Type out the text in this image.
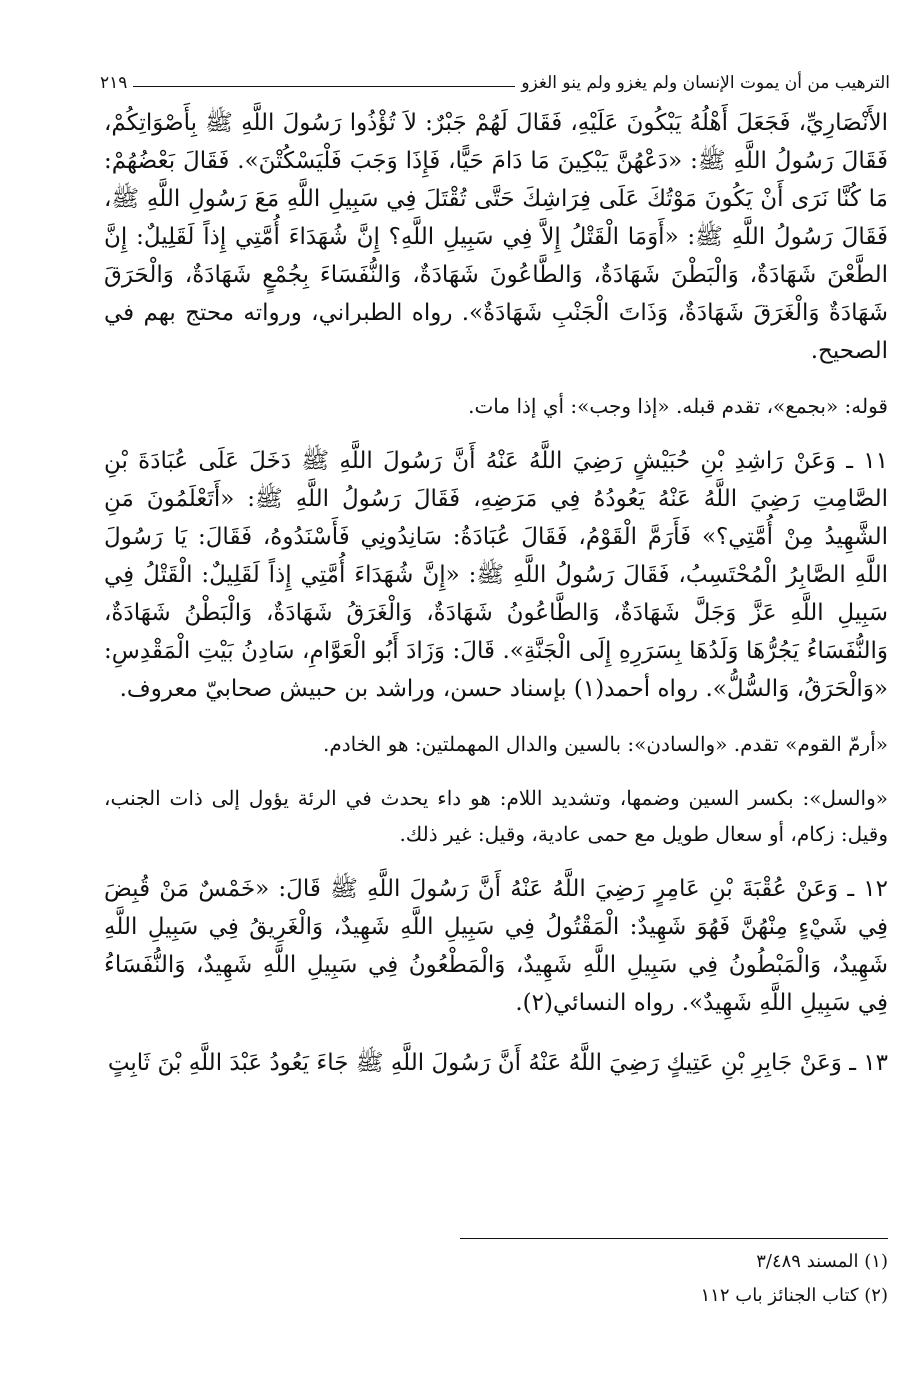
الترهيب من أن يموت الإنسان ولم يغزو ولم ينو الغزو
٢١٩

الأَنْصَارِيِّ، فَجَعَلَ أَهْلُهُ يَبْكُونَ عَلَيْهِ، فَقَالَ لَهُمْ جَبْرٌ: لاَ تُؤْذُوا رَسُولَ اللَّهِ ﷺ بِأَصْوَاتِكُمْ، فَقَالَ رَسُولُ اللَّهِ ﷺ: «دَعْهُنَّ يَبْكِينَ مَا دَامَ حَيًّا، فَإِذَا وَجَبَ فَلْيَسْكُتْنَ». فَقَالَ بَعْضُهُمْ: مَا كُنَّا نَرَى أَنْ يَكُونَ مَوْتُكَ عَلَى فِرَاشِكَ حَتَّى تُقْتَلَ فِي سَبِيلِ اللَّهِ مَعَ رَسُولِ اللَّهِ ﷺ، فَقَالَ رَسُولُ اللَّهِ ﷺ: «أَوَمَا الْقَتْلُ إِلاَّ فِي سَبِيلِ اللَّهِ؟ إِنَّ شُهَدَاءَ أُمَّتِي إِذاً لَقَلِيلٌ: إِنَّ الطَّعْنَ شَهَادَةٌ، وَالْبَطْنَ شَهَادَةٌ، وَالطَّاعُونَ شَهَادَةٌ، وَالنُّفَسَاءَ بِجُمْعٍ شَهَادَةٌ، وَالْحَرَقَ شَهَادَةٌ وَالْغَرَقَ شَهَادَةٌ، وَذَاتَ الْجَنْبِ شَهَادَةٌ». رواه الطبراني، ورواته محتج بهم في الصحيح.

قوله: «بجمع»، تقدم قبله. «إذا وجب»: أي إذا مات.

١١ ـ وَعَنْ رَاشِدِ بْنِ حُبَيْشٍ رَضِيَ اللَّهُ عَنْهُ أَنَّ رَسُولَ اللَّهِ ﷺ دَخَلَ عَلَى عُبَادَةَ بْنِ الصَّامِتِ رَضِيَ اللَّهُ عَنْهُ يَعُودُهُ فِي مَرَضِهِ، فَقَالَ رَسُولُ اللَّهِ ﷺ: «أَتَعْلَمُونَ مَنِ الشَّهِيدُ مِنْ أُمَّتِي؟» فَأَرَمَّ الْقَوْمُ، فَقَالَ عُبَادَةُ: سَانِدُونِي فَأَسْنَدُوهُ، فَقَالَ: يَا رَسُولَ اللَّهِ الصَّابِرُ الْمُحْتَسِبُ، فَقَالَ رَسُولُ اللَّهِ ﷺ: «إِنَّ شُهَدَاءَ أُمَّتِي إِذاً لَقَلِيلٌ: الْقَتْلُ فِي سَبِيلِ اللَّهِ عَزَّ وَجَلَّ شَهَادَةٌ، وَالطَّاعُونُ شَهَادَةٌ، وَالْغَرَقُ شَهَادَةٌ، وَالْبَطْنُ شَهَادَةٌ، وَالنُّفَسَاءُ يَجُرُّهَا وَلَدُهَا بِسَرَرِهِ إِلَى الْجَنَّةِ». قَالَ: وَزَادَ أَبُو الْعَوَّامِ، سَادِنُ بَيْتِ الْمَقْدِسِ: «وَالْحَرَقُ، وَالسُّلُّ». رواه أحمد(١) بإسناد حسن، وراشد بن حبيش صحابيّ معروف.

«أرمّ القوم» تقدم. «والسادن»: بالسين والدال المهملتين: هو الخادم.

«والسل»: بكسر السين وضمها، وتشديد اللام: هو داء يحدث في الرئة يؤول إلى ذات الجنب، وقيل: زكام، أو سعال طويل مع حمى عادية، وقيل: غير ذلك.

١٢ ـ وَعَنْ عُقْبَةَ بْنِ عَامِرٍ رَضِيَ اللَّهُ عَنْهُ أَنَّ رَسُولَ اللَّهِ ﷺ قَالَ: «خَمْسٌ مَنْ قُبِضَ فِي شَيْءٍ مِنْهُنَّ فَهُوَ شَهِيدٌ: الْمَقْتُولُ فِي سَبِيلِ اللَّهِ شَهِيدٌ، وَالْغَرِيقُ فِي سَبِيلِ اللَّهِ شَهِيدٌ، وَالْمَبْطُونُ فِي سَبِيلِ اللَّهِ شَهِيدٌ، وَالْمَطْعُونُ فِي سَبِيلِ اللَّهِ شَهِيدٌ، وَالنُّفَسَاءُ فِي سَبِيلِ اللَّهِ شَهِيدٌ». رواه النسائي(٢).

١٣ ـ وَعَنْ جَابِرِ بْنِ عَتِيكٍ رَضِيَ اللَّهُ عَنْهُ أَنَّ رَسُولَ اللَّهِ ﷺ جَاءَ يَعُودُ عَبْدَ اللَّهِ بْنَ ثَابِتٍ

(١) المسند ٣/٤٨٩
(٢) كتاب الجنائز باب ١١٢
